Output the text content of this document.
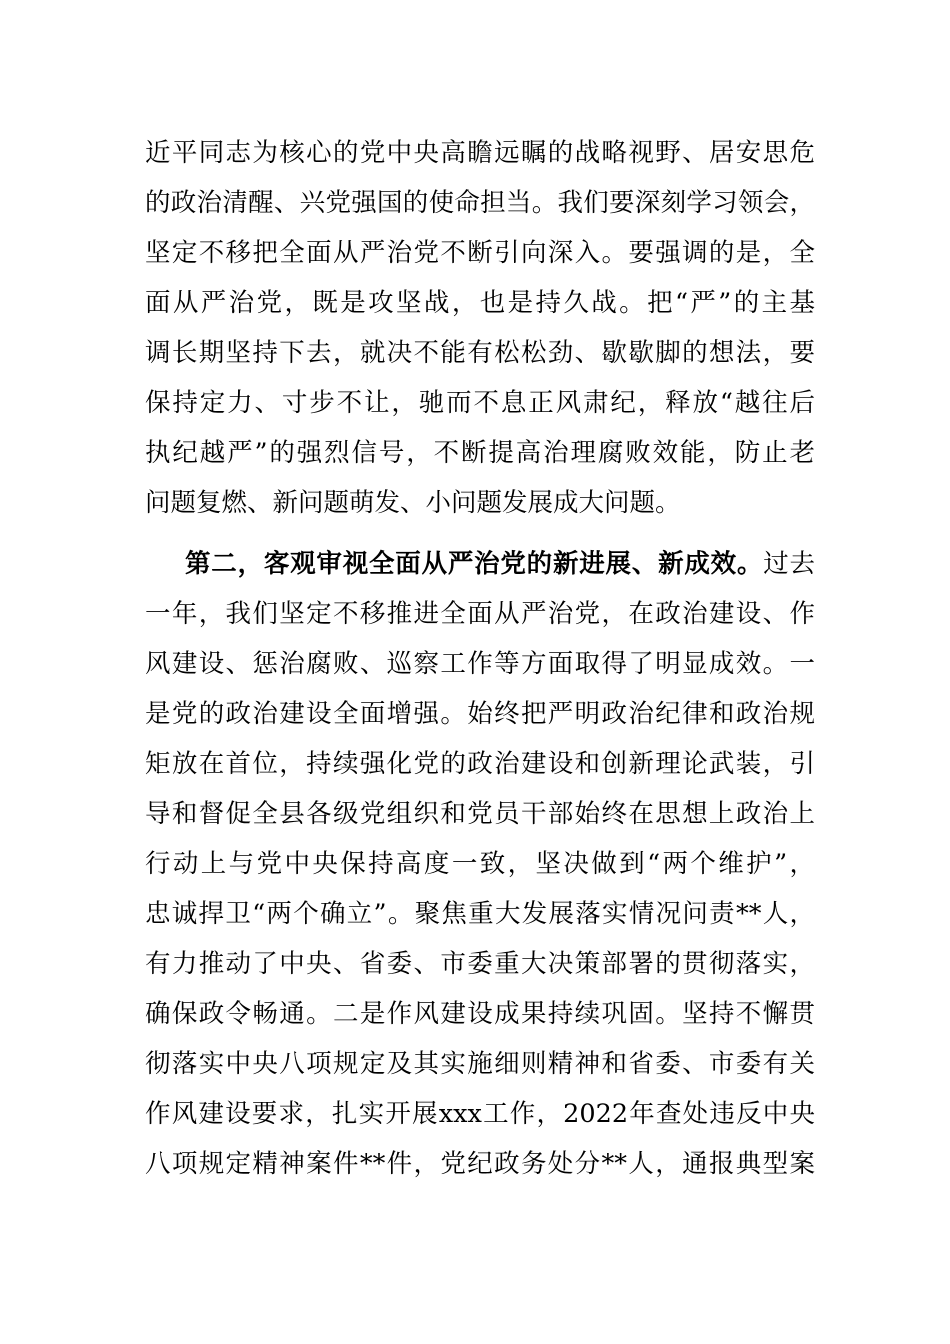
近平同志为核心的党中央高瞻远瞩的战略视野、居安思危
的政治清醒、兴党强国的使命担当。我们要深刻学习领会，
坚定不移把全面从严治党不断引向深入。要强调的是，全
面从严治党，既是攻坚战，也是持久战。把“严”的主基
调长期坚持下去，就决不能有松松劲、歇歇脚的想法，要
保持定力、寸步不让，驰而不息正风肃纪，释放“越往后
执纪越严”的强烈信号，不断提高治理腐败效能，防止老
问题复燃、新问题萌发、小问题发展成大问题。
第二，客观审视全面从严治党的新进展、新成效。过去
一年，我们坚定不移推进全面从严治党，在政治建设、作
风建设、惩治腐败、巡察工作等方面取得了明显成效。一
是党的政治建设全面增强。始终把严明政治纪律和政治规
矩放在首位，持续强化党的政治建设和创新理论武装，引
导和督促全县各级党组织和党员干部始终在思想上政治上
行动上与党中央保持高度一致，坚决做到“两个维护”，
忠诚捍卫“两个确立”。聚焦重大发展落实情况问责**人，
有力推动了中央、省委、市委重大决策部署的贯彻落实，
确保政令畅通。二是作风建设成果持续巩固。坚持不懈贯
彻落实中央八项规定及其实施细则精神和省委、市委有关
作风建设要求，扎实开展xxx工作，2022年查处违反中央
八项规定精神案件**件，党纪政务处分**人，通报典型案
